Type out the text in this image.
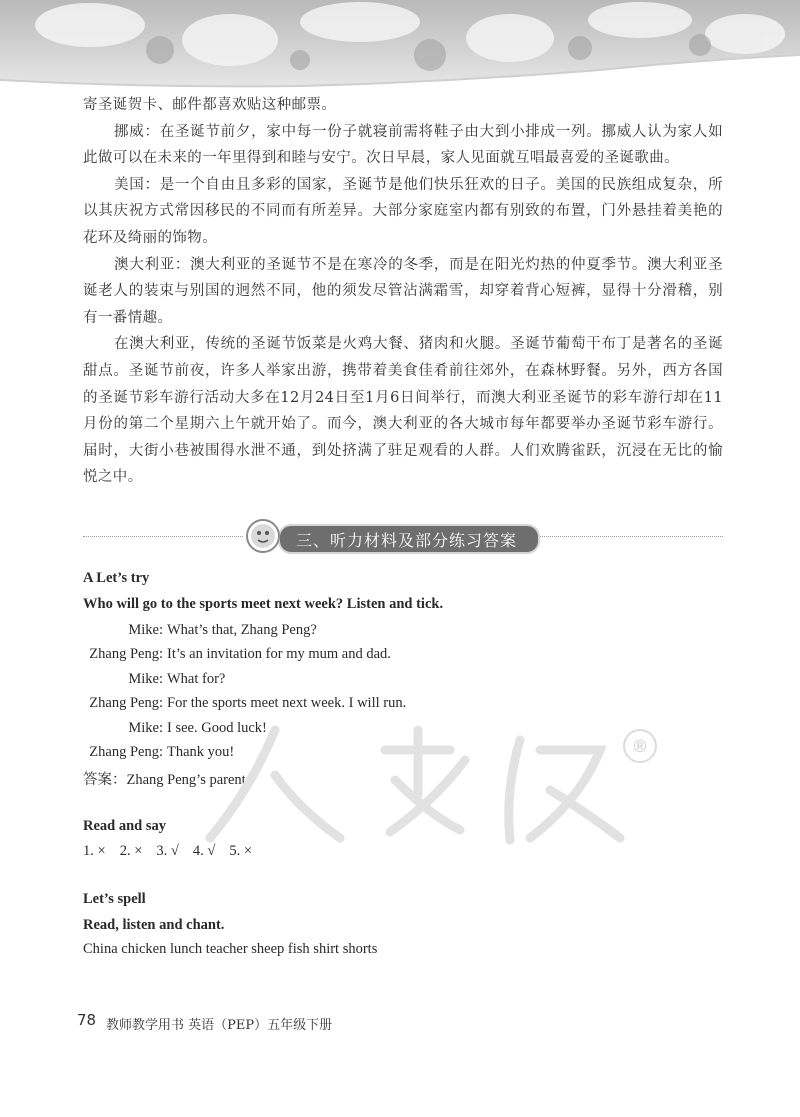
寄圣诞贺卡、邮件都喜欢贴这种邮票。

挪威：在圣诞节前夕，家中每一份子就寝前需将鞋子由大到小排成一列。挪威人认为家人如此做可以在未来的一年里得到和睦与安宁。次日早晨，家人见面就互唱最喜爱的圣诞歌曲。

美国：是一个自由且多彩的国家，圣诞节是他们快乐狂欢的日子。美国的民族组成复杂，所以其庆祝方式常因移民的不同而有所差异。大部分家庭室内都有别致的布置，门外悬挂着美艳的花环及绮丽的饰物。

澳大利亚：澳大利亚的圣诞节不是在寒冷的冬季，而是在阳光灼热的仲夏季节。澳大利亚圣诞老人的装束与别国的迥然不同，他的须发尽管沾满霜雪，却穿着背心短裤，显得十分滑稽，别有一番情趣。

在澳大利亚，传统的圣诞节饭菜是火鸡大餐、猪肉和火腿。圣诞节葡萄干布丁是著名的圣诞甜点。圣诞节前夜，许多人举家出游，携带着美食佳肴前往郊外，在森林野餐。另外，西方各国的圣诞节彩车游行活动大多在12月24日至1月6日间举行，而澳大利亚圣诞节的彩车游行却在11月份的第二个星期六上午就开始了。而今，澳大利亚的各大城市每年都要举办圣诞节彩车游行。届时，大街小巷被围得水泄不通，到处挤满了驻足观看的人群。人们欢腾雀跃，沉浸在无比的愉悦之中。

三、听力材料及部分练习答案
A Let’s try
Who will go to the sports meet next week? Listen and tick.
Mike: What’s that, Zhang Peng?
Zhang Peng: It’s an invitation for my mum and dad.
Mike: What for?
Zhang Peng: For the sports meet next week. I will run.
Mike: I see. Good luck!
Zhang Peng: Thank you!
答案：Zhang Peng’s parents
®
Read and say
1. × 2. × 3. √ 4. √ 5. ×
Let’s spell
Read, listen and chant.
China chicken lunch teacher sheep fish shirt shorts
78 教师教学用书 英语（PEP）五年级下册
